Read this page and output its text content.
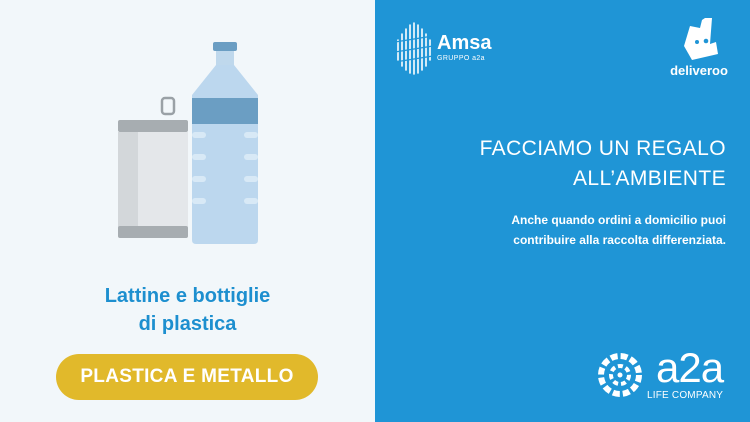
Lattine e bottiglie
di plastica
PLASTICA E METALLO
Amsa
GRUPPO a2a
deliveroo
FACCIAMO UN REGALO
ALL’AMBIENTE
Anche quando ordini a domicilio puoi
contribuire alla raccolta differenziata.
a2a
LIFE COMPANY
